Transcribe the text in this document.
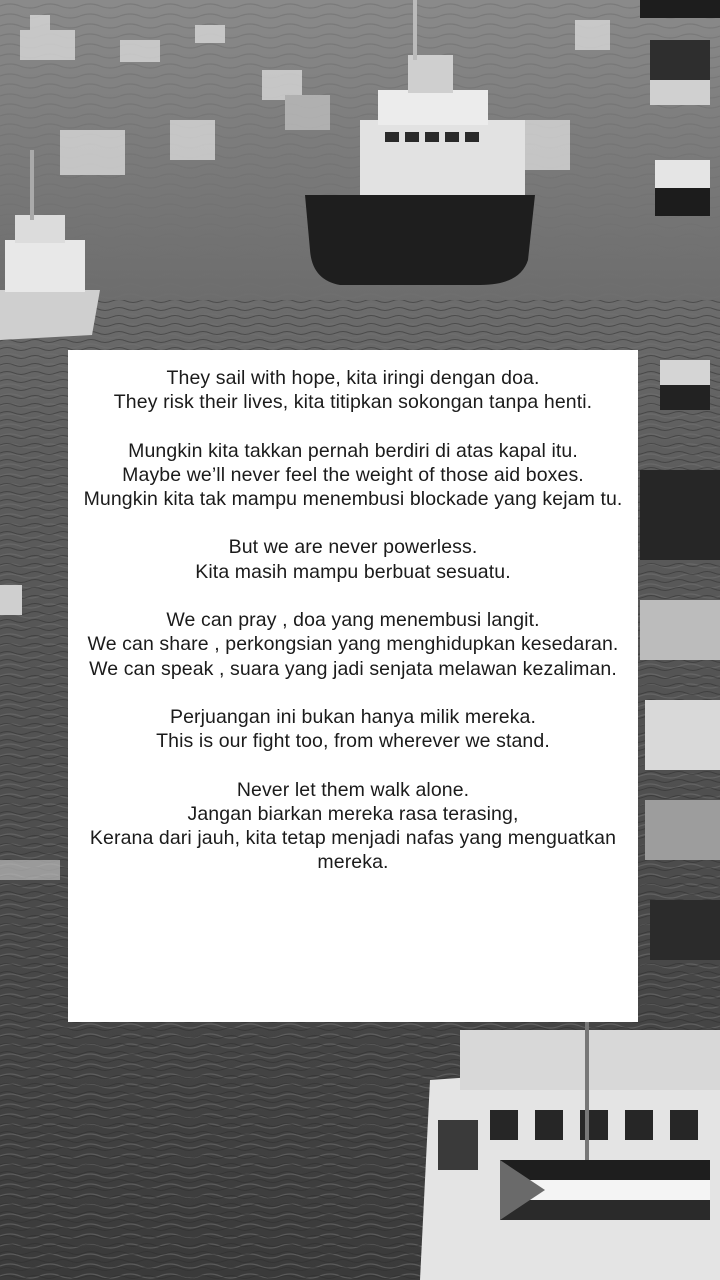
They sail with hope, kita iringi dengan doa.
They risk their lives, kita titipkan sokongan tanpa henti.
Mungkin kita takkan pernah berdiri di atas kapal itu.
Maybe we’ll never feel the weight of those aid boxes.
Mungkin kita tak mampu menembusi blockade yang kejam tu.
But we are never powerless.
Kita masih mampu berbuat sesuatu.
We can pray , doa yang menembusi langit.
We can share , perkongsian yang menghidupkan kesedaran.
We can speak , suara yang jadi senjata melawan kezaliman.
Perjuangan ini bukan hanya milik mereka.
This is our fight too, from wherever we stand.
Never let them walk alone.
Jangan biarkan mereka rasa terasing,
Kerana dari jauh, kita tetap menjadi nafas yang menguatkan mereka.
